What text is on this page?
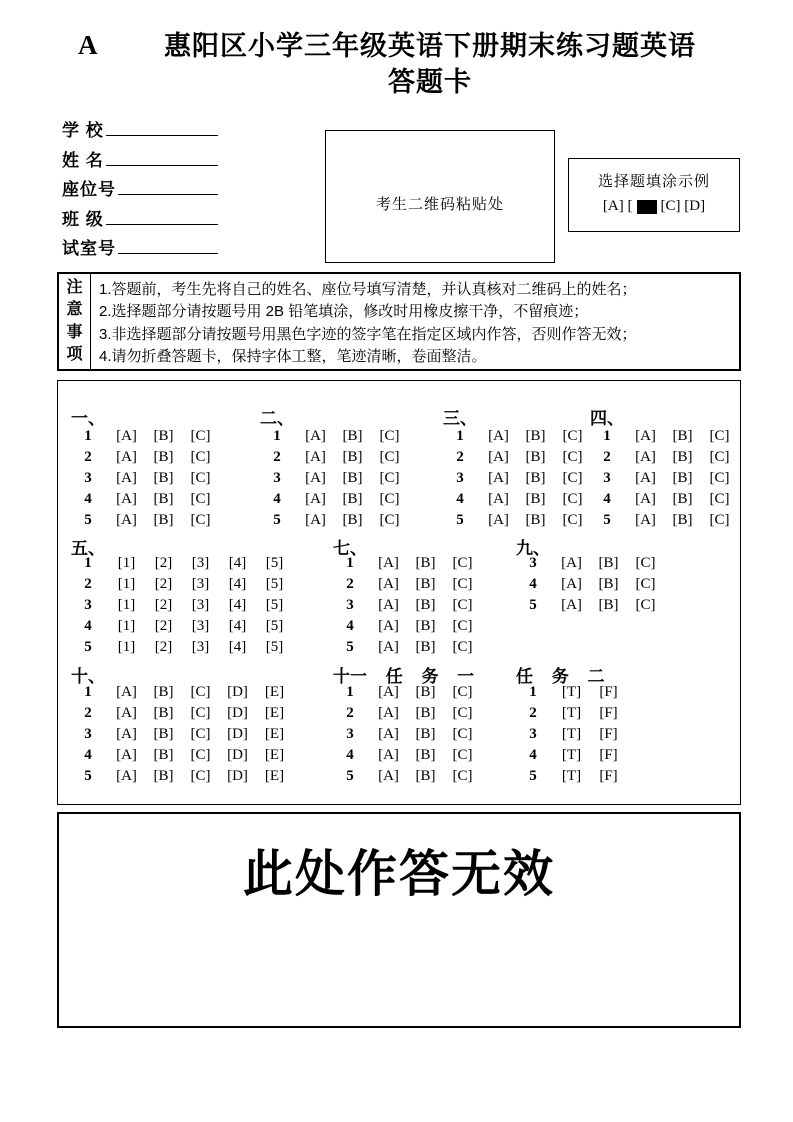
A	惠阳区小学三年级英语下册期末练习题英语
答题卡
学 校
姓 名
座位号
班 级
试室号
考生二维码粘贴处
选择题填涂示例
[A] [ [C] [D]
注
意
事
项
1.答题前，考生先将自己的姓名、座位号填写清楚，并认真核对二维码上的姓名；
2.选择题部分请按题号用 2B 铅笔填涂，修改时用橡皮擦干净，不留痕迹；
3.非选择题部分请按题号用黑色字迹的签字笔在指定区域内作答，否则作答无效；
4.请勿折叠答题卡，保持字体工整，笔迹清晰，卷面整洁。
一、
1	[A]	[B]	[C]
2	[A]	[B]	[C]
3	[A]	[B]	[C]
4	[A]	[B]	[C]
5	[A]	[B]	[C]
二、
1	[A]	[B]	[C]
2	[A]	[B]	[C]
3	[A]	[B]	[C]
4	[A]	[B]	[C]
5	[A]	[B]	[C]
三、
1	[A]	[B]	[C]
2	[A]	[B]	[C]
3	[A]	[B]	[C]
4	[A]	[B]	[C]
5	[A]	[B]	[C]
四、
1	[A]	[B]	[C]
2	[A]	[B]	[C]
3	[A]	[B]	[C]
4	[A]	[B]	[C]
5	[A]	[B]	[C]
五、
1	[1]	[2]	[3]	[4]	[5]
2	[1]	[2]	[3]	[4]	[5]
3	[1]	[2]	[3]	[4]	[5]
4	[1]	[2]	[3]	[4]	[5]
5	[1]	[2]	[3]	[4]	[5]
七、
1	[A]	[B]	[C]
2	[A]	[B]	[C]
3	[A]	[B]	[C]
4	[A]	[B]	[C]
5	[A]	[B]	[C]
九、
3	[A]	[B]	[C]
4	[A]	[B]	[C]
5	[A]	[B]	[C]
十、
1	[A]	[B]	[C]	[D]	[E]
2	[A]	[B]	[C]	[D]	[E]
3	[A]	[B]	[C]	[D]	[E]
4	[A]	[B]	[C]	[D]	[E]
5	[A]	[B]	[C]	[D]	[E]
十一 任 务 一
1	[A]	[B]	[C]
2	[A]	[B]	[C]
3	[A]	[B]	[C]
4	[A]	[B]	[C]
5	[A]	[B]	[C]
任 务 二
1	[T]	[F]
2	[T]	[F]
3	[T]	[F]
4	[T]	[F]
5	[T]	[F]
此处作答无效
